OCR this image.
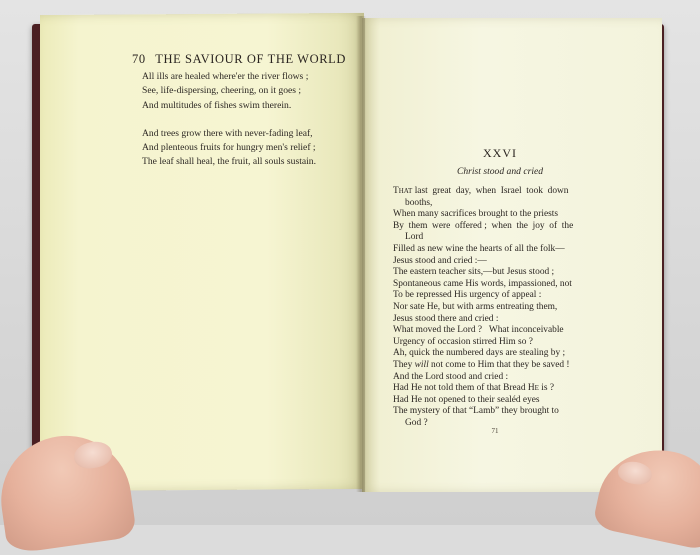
70 THE SAVIOUR OF THE WORLD
All ills are healed where'er the river flows ;
See, life-dispersing, cheering, on it goes ;
And multitudes of fishes swim therein.
And trees grow there with never-fading leaf,
And plenteous fruits for hungry men's relief ;
The leaf shall heal, the fruit, all souls sustain.
XXVI
Christ stood and cried
That last  great  day,  when  Israel  took  down
booths,
When many sacrifices brought to the priests
By  them  were  offered ;  when  the  joy  of  the
Lord
Filled as new wine the hearts of all the folk—
Jesus stood and cried :—
The eastern teacher sits,—but Jesus stood ;
Spontaneous came His words, impassioned, not
To be repressed His urgency of appeal :
Nor sate He, but with arms entreating them,
Jesus stood there and cried :
What moved the Lord ?   What inconceivable
Urgency of occasion stirred Him so ?
Ah, quick the numbered days are stealing by ;
They will not come to Him that they be saved !
And the Lord stood and cried :
Had He not told them of that Bread He is ?
Had He not opened to their sealéd eyes
The mystery of that “Lamb” they brought to
God ?
71
